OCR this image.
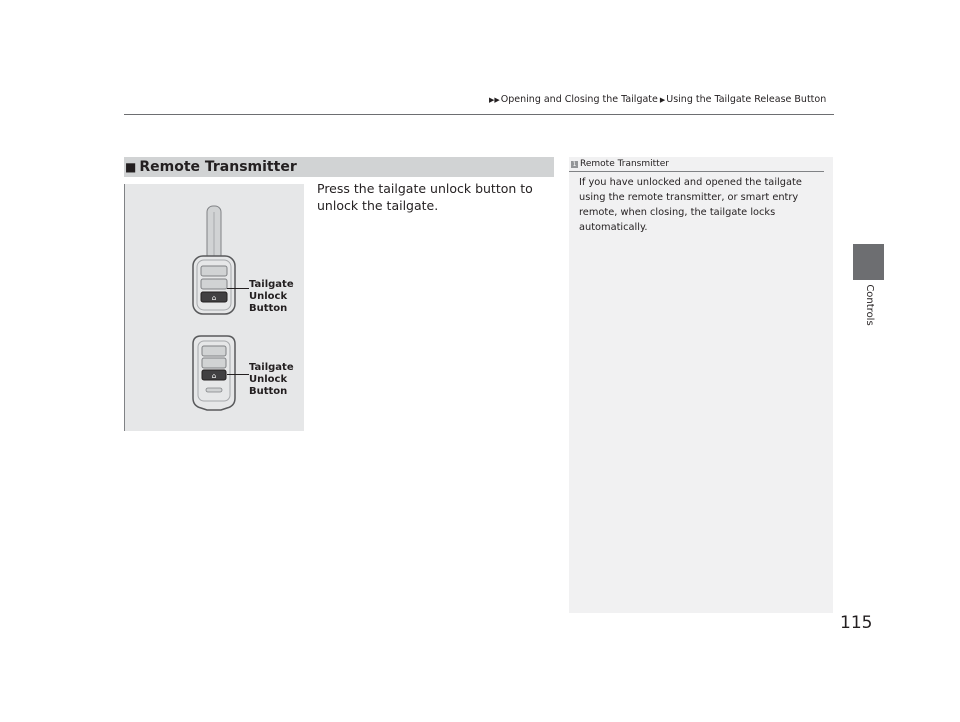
▶▶ Opening and Closing the Tailgate ▶ Using the Tailgate Release Button
Controls
■ Remote Transmitter
⌂
⌂
Tailgate
Unlock
Button
Tailgate
Unlock
Button
Press the tailgate unlock button to unlock the tailgate.
1 Remote Transmitter
If you have unlocked and opened the tailgate using the remote transmitter, or smart entry remote, when closing, the tailgate locks automatically.
115
